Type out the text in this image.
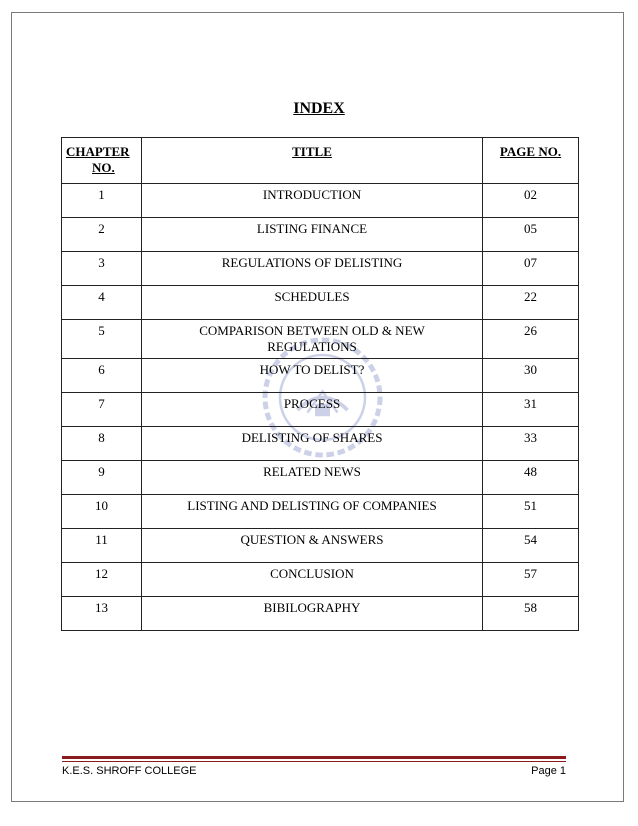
INDEX
CHAPTER
NO.	TITLE	PAGE NO.
1	INTRODUCTION	02
2	LISTING FINANCE	05
3	REGULATIONS OF DELISTING	07
4	SCHEDULES	22
5	COMPARISON BETWEEN OLD & NEW REGULATIONS	26
6	HOW TO DELIST?	30
7	PROCESS	31
8	DELISTING OF SHARES	33
9	RELATED NEWS	48
10	LISTING AND DELISTING OF COMPANIES	51
11	QUESTION & ANSWERS	54
12	CONCLUSION	57
13	BIBILOGRAPHY	58
K.E.S. SHROFF COLLEGE	Page 1
